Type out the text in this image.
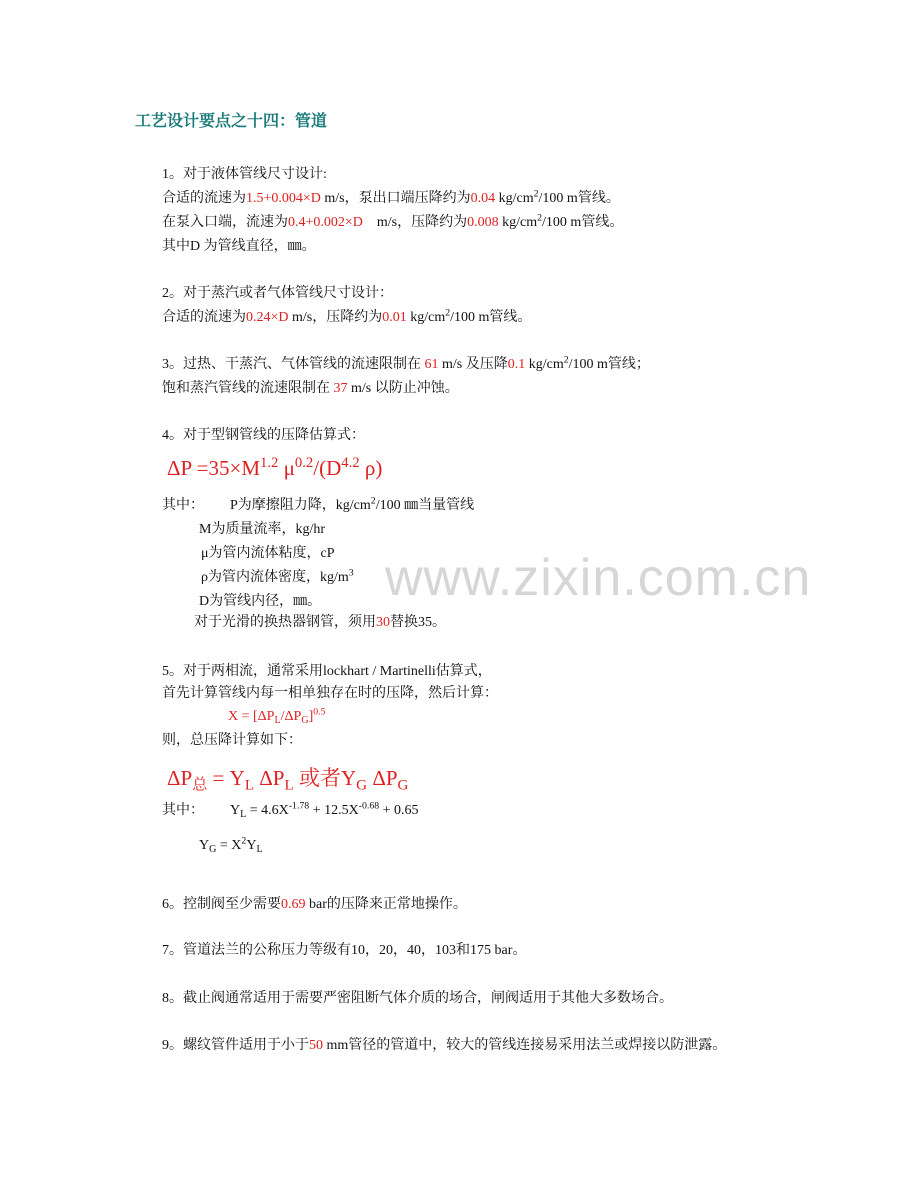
www.zixin.com.cn
工艺设计要点之十四：管道
1。对于液体管线尺寸设计:
合适的流速为1.5+0.004×D m/s，泵出口端压降约为0.04 $kg/cm^2/100$ m管线。
在泵入口端，流速为0.4+0.002×D　m/s，压降约为0.008 $kg/cm^2/100$ m管线。
其中D 为管线直径，㎜。
2。对于蒸汽或者气体管线尺寸设计：
合适的流速为0.24×D m/s，压降约为0.01 $kg/cm^2/100$ m管线。
3。过热、干蒸汽、气体管线的流速限制在 61 m/s 及压降0.1 $kg/cm^2/100$ m管线；
饱和蒸汽管线的流速限制在 37 m/s 以防止冲蚀。
4。对于型钢管线的压降估算式：
$\Delta P =35\times M^{1.2}$ $\mu^{0.2}/(D^{4.2}$ ρ)
其中： P为摩擦阻力降，$kg/cm^2/100$ ㎜当量管线
M为质量流率，kg/hr
μ为管内流体粘度，cP
ρ为管内流体密度，$kg/m^3$
D为管线内径，㎜。
对于光滑的换热器钢管，须用30替换35。
5。对于两相流，通常采用lockhart / Martinelli估算式，
首先计算管线内每一相单独存在时的压降，然后计算：
$X = [\Delta P_L/\Delta P_G]^{0.5}$
则，总压降计算如下：
$\Delta P_总 = Y_L$ $\Delta P_L$ 或者$Y_G$ $\Delta P_G$
其中： $Y_L = 4.6X^{-1.78} + 12.5X^{-0.68} + 0.65$
$Y_G = X^2Y_L$
6。控制阀至少需要0.69 bar的压降来正常地操作。
7。管道法兰的公称压力等级有10，20，40，103和175 bar。
8。截止阀通常适用于需要严密阻断气体介质的场合，闸阀适用于其他大多数场合。
9。螺纹管件适用于小于50 mm管径的管道中，较大的管线连接易采用法兰或焊接以防泄露。
